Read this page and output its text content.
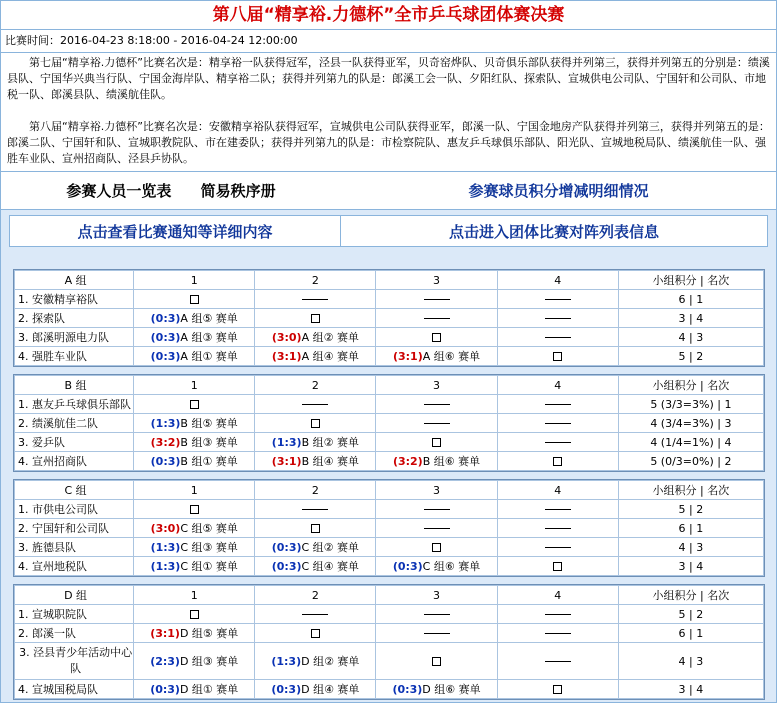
第八届“精享裕.力德杯”全市乒乓球团体赛决赛
比赛时间：2016-04-23 8:18:00 - 2016-04-24 12:00:00

第七届“精享裕.力德杯”比赛名次是：精享裕一队获得冠军，泾县一队获得亚军，贝奇窑烨队、贝奇俱乐部队获得并列第三，获得并列第五的分别是：绩溪县队、宁国华兴典当行队、宁国金海岸队、精享裕二队；获得并列第九的队是：郎溪工会一队、夕阳红队、探索队、宣城供电公司队、宁国轩和公司队、市地税一队、郎溪县队、绩溪航佳队。

第八届“精享裕.力德杯”比赛名次是：安徽精享裕队获得冠军，宣城供电公司队获得亚军，郎溪一队、宁国金地房产队获得并列第三，获得并列第五的是：郎溪二队、宁国轩和队、宣城职教院队、市在建委队；获得并列第九的队是：市检察院队、惠友乒乓球俱乐部队、阳光队、宣城地税局队、绩溪航佳一队、强胜车业队、宣州招商队、泾县乒协队。

参赛人员一览表 简易秩序册	参赛球员积分增减明细情况
点击查看比赛通知等详细内容	点击进入团体比赛对阵列表信息
A 组	1	2	3	4	小组积分 | 名次
1. 安徽精享裕队					6 | 1
2. 探索队	(0:3)A 组⑤ 赛单				3 | 4
3. 郎溪明源电力队	(0:3)A 组③ 赛单	(3:0)A 组② 赛单			4 | 3
4. 强胜车业队	(0:3)A 组① 赛单	(3:1)A 组④ 赛单	(3:1)A 组⑥ 赛单		5 | 2
B 组	1	2	3	4	小组积分 | 名次
1. 惠友乒乓球俱乐部队					5 (3/3=3%) | 1
2. 绩溪航佳二队	(1:3)B 组⑤ 赛单				4 (3/4=3%) | 3
3. 爱乒队	(3:2)B 组③ 赛单	(1:3)B 组② 赛单			4 (1/4=1%) | 4
4. 宣州招商队	(0:3)B 组① 赛单	(3:1)B 组④ 赛单	(3:2)B 组⑥ 赛单		5 (0/3=0%) | 2
C 组	1	2	3	4	小组积分 | 名次
1. 市供电公司队					5 | 2
2. 宁国轩和公司队	(3:0)C 组⑤ 赛单				6 | 1
3. 旌德县队	(1:3)C 组③ 赛单	(0:3)C 组② 赛单			4 | 3
4. 宣州地税队	(1:3)C 组① 赛单	(0:3)C 组④ 赛单	(0:3)C 组⑥ 赛单		3 | 4
D 组	1	2	3	4	小组积分 | 名次
1. 宣城职院队					5 | 2
2. 郎溪一队	(3:1)D 组⑤ 赛单				6 | 1
3. 泾县青少年活动中心队	(2:3)D 组③ 赛单	(1:3)D 组② 赛单			4 | 3
4. 宣城国税局队	(0:3)D 组① 赛单	(0:3)D 组④ 赛单	(0:3)D 组⑥ 赛单		3 | 4
